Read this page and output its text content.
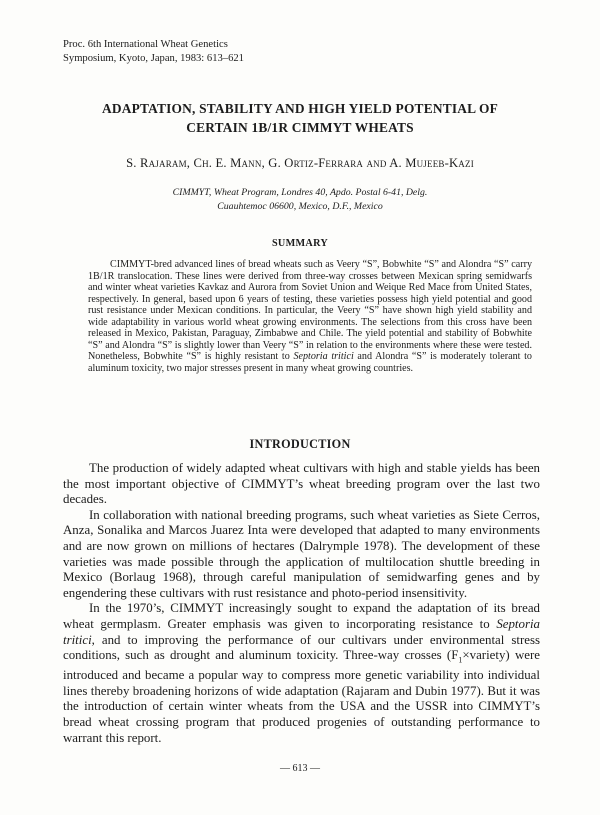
Proc. 6th International Wheat Genetics
Symposium, Kyoto, Japan, 1983: 613–621
ADAPTATION, STABILITY AND HIGH YIELD POTENTIAL OF
CERTAIN 1B/1R CIMMYT WHEATS
S. Rajaram, Ch. E. Mann, G. Ortiz-Ferrara and A. Mujeeb-Kazi
CIMMYT, Wheat Program, Londres 40, Apdo. Postal 6-41, Delg.
Cuauhtemoc 06600, Mexico, D.F., Mexico
SUMMARY

CIMMYT-bred advanced lines of bread wheats such as Veery “S”, Bobwhite “S” and Alondra “S” carry 1B/1R translocation. These lines were derived from three-way crosses between Mexican spring semidwarfs and winter wheat varieties Kavkaz and Aurora from Soviet Union and Weique Red Mace from United States, respectively. In general, based upon 6 years of testing, these varieties possess high yield potential and good rust resistance under Mexican conditions. In particular, the Veery “S” have shown high yield stability and wide adaptability in various world wheat growing environments. The selections from this cross have been released in Mexico, Pakistan, Paraguay, Zimbabwe and Chile. The yield potential and stability of Bobwhite “S” and Alondra “S” is slightly lower than Veery “S” in relation to the environments where these were tested. Nonetheless, Bobwhite “S” is highly resistant to Septoria tritici and Alondra “S” is moderately tolerant to aluminum toxicity, two major stresses present in many wheat growing countries.

INTRODUCTION

The production of widely adapted wheat cultivars with high and stable yields has been the most important objective of CIMMYT’s wheat breeding program over the last two decades.

In collaboration with national breeding programs, such wheat varieties as Siete Cerros, Anza, Sonalika and Marcos Juarez Inta were developed that adapted to many environments and are now grown on millions of hectares (Dalrymple 1978). The development of these varieties was made possible through the application of multilocation shuttle breeding in Mexico (Borlaug 1968), through careful manipulation of semidwarfing genes and by engendering these cultivars with rust resistance and photo-period insensitivity.

In the 1970’s, CIMMYT increasingly sought to expand the adaptation of its bread wheat germplasm. Greater emphasis was given to incorporating resistance to Septoria tritici, and to improving the performance of our cultivars under environmental stress conditions, such as drought and aluminum toxicity. Three-way crosses $(F_1\times variety)$ were introduced and became a popular way to compress more genetic variability into individual lines thereby broadening horizons of wide adaptation (Rajaram and Dubin 1977). But it was the introduction of certain winter wheats from the USA and the USSR into CIMMYT’s bread wheat crossing program that produced progenies of outstanding performance to warrant this report.

— 613 —
